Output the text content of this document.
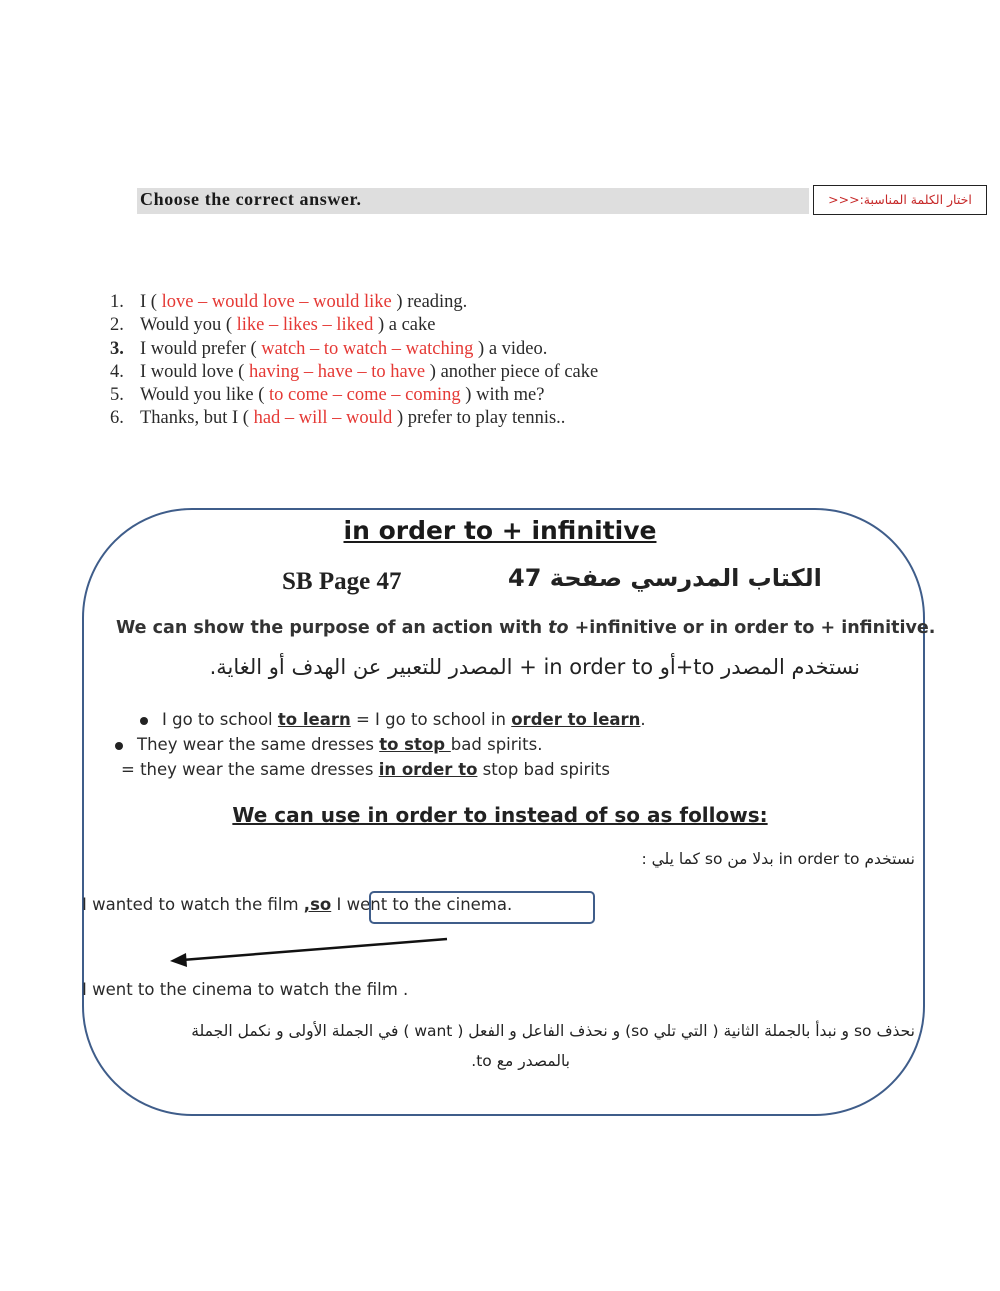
Choose the correct answer.	اختار الكلمة المناسبة:<<<
1. I ( love – would love – would like ) reading.
2. Would you ( like – likes – liked ) a cake
3. I would prefer ( watch – to watch – watching ) a video.
4. I would love ( having – have – to have ) another piece of cake
5. Would you like ( to come – come – coming ) with me?
6. Thanks, but I ( had – will – would ) prefer to play tennis..
in order to + infinitive
SB Page 47	الكتاب المدرسي صفحة 47
We can show the purpose of an action with to +infinitive or in order to + infinitive.
نستخدم المصدر to+أو in order to + المصدر للتعبير عن الهدف أو الغاية.
I go to school to learn = I go to school in order to learn.
They wear the same dresses to stop bad spirits.
= they wear the same dresses in order to stop bad spirits
We can use in order to instead of so as follows:
نستخدم in order to بدلا من so كما يلي :
I wanted to watch the film ,so I went to the cinema.
I went to the cinema to watch the film .
نحذف so و نبدأ بالجملة الثانية ( التي تلي so) و نحذف الفاعل و الفعل ( want ) في الجملة الأولى و نكمل الجملة
بالمصدر مع to.
